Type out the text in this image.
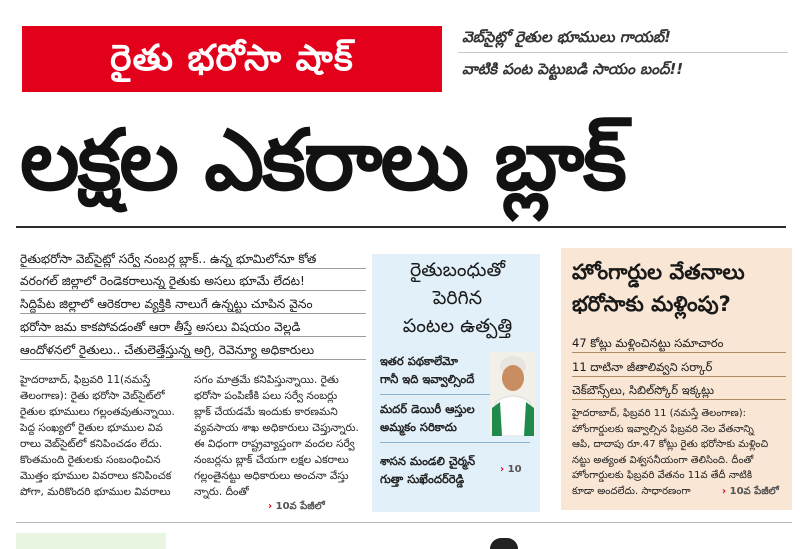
రైతు భరోసా షాక్
వెబ్‌సైట్లో రైతుల భూములు గాయబ్!
వాటికి పంట పెట్టుబడి సాయం బంద్!!
లక్షల ఎకరాలు బ్లాక్
రైతుభరోసా వెబ్‌సైట్లో సర్వే నంబర్ల బ్లాక్.. ఉన్న భూమిలోనూ కోత
వరంగల్ జిల్లాలో రెండెకరాలున్న రైతుకు అసలు భూమే లేదట!
సిద్దిపేట జిల్లాలో ఆరెకరాల వ్యక్తికి నాలుగే ఉన్నట్టు చూపిన వైనం
భరోసా జమ కాకపోవడంతో ఆరా తీస్తే అసలు విషయం వెల్లడి
ఆందోళనలో రైతులు.. చేతులెత్తేస్తున్న అగ్రి, రెవెన్యూ అధికారులు
హైదరాబాద్, ఫిబ్రవరి 11(నమస్తే
తెలంగాణ): రైతు భరోసా వెబ్‌సైట్‌లో
రైతుల భూములు గల్లంతవుతున్నాయి.
పెద్ద సంఖ్యలో రైతుల భూముల వివ
రాలు వెబ్‌సైట్‌లో కనిపించడం లేదు.
కొంతమంది రైతులకు సంబంధించిన
మొత్తం భూముల వివరాలు కనిపించక
పోగా, మరికొందరి భూముల వివరాలు
సగం మాత్రమే కనిపిస్తున్నాయి. రైతు
భరోసా పంపిణీకి పలు సర్వే నంబర్లు
బ్లాక్ చేయడమే ఇందుకు కారణమని
వ్యవసాయ శాఖ అధికారులు చెప్తున్నారు.
ఈ విధంగా రాష్ట్రవ్యాప్తంగా వందల సర్వే
నంబర్లను బ్లాక్ చేయగా లక్షల ఎకరాలు
గల్లంతైనట్టు అధికారులు అంచనా వేస్తు
న్నారు. దీంతో
› 10వ పేజీలో
రైతుబంధుతో
పెరిగిన
పంటల ఉత్పత్తి
ఇతర పథకాలేమో
గానీ ఇది ఇవ్వాల్సిందే
మదర్ డెయిరీ ఆస్తుల
అమ్మకం సరికాదు
శాసన మండలి చైర్మన్
గుత్తా సుఖేందర్‌రెడ్డి
› 10
హోంగార్డుల వేతనాలు
భరోసాకు మళ్లింపు?
47 కోట్లు మళ్లించినట్టు సమాచారం
11 దాటినా జీతాలివ్వని సర్కార్
చెక్‌బౌన్స్‌లు, సిబిల్‌స్కోర్ ఇక్కట్లు
హైదరాబాద్, ఫిబ్రవరి 11 (నమస్తే తెలంగాణ):
హోంగార్డులకు ఇవ్వాల్సిన ఫిబ్రవరి నెల వేతనాన్ని
ఆపి, దాదాపు రూ.47 కోట్లు రైతు భరోసాకు మళ్లించి
నట్టు అత్యంత విశ్వసనీయంగా తెలిసింది. దీంతో
హోంగార్డులకు ఫిబ్రవరి వేతనం 11వ తేదీ నాటికి
కూడా అందలేదు. సాధారణంగా	› 10వ పేజీలో
